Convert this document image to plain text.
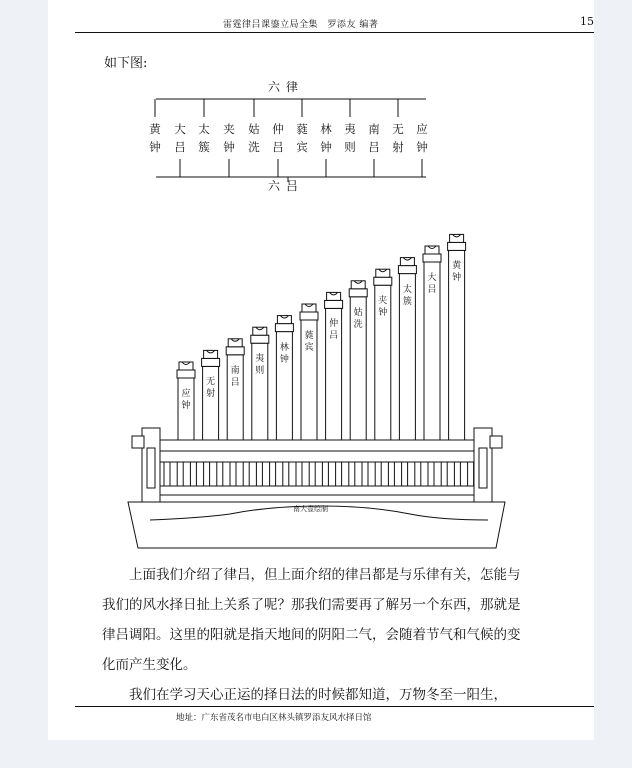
雷霆律吕课鎏立局全集　罗添友 编著	15
如下图:
六律
六吕
黄
钟
大
吕
太
簇
夹
钟
姑
洗
仲
吕
蕤
宾
林
钟
夷
则
南
吕
无
射
应
钟
应钟
无射
南吕
夷则
林钟
蕤宾
仲吕
姑洗
夹钟
太簇
大吕
黄钟
南大壹绘制
上面我们介绍了律吕，但上面介绍的律吕都是与乐律有关，怎能与我们的风水择日扯上关系了呢？那我们需要再了解另一个东西，那就是律吕调阳。这里的阳就是指天地间的阴阳二气，会随着节气和气候的变化而产生变化。
我们在学习天心正运的择日法的时候都知道，万物冬至一阳生，
地址：广东省茂名市电白区林头镇罗添友风水择日馆
